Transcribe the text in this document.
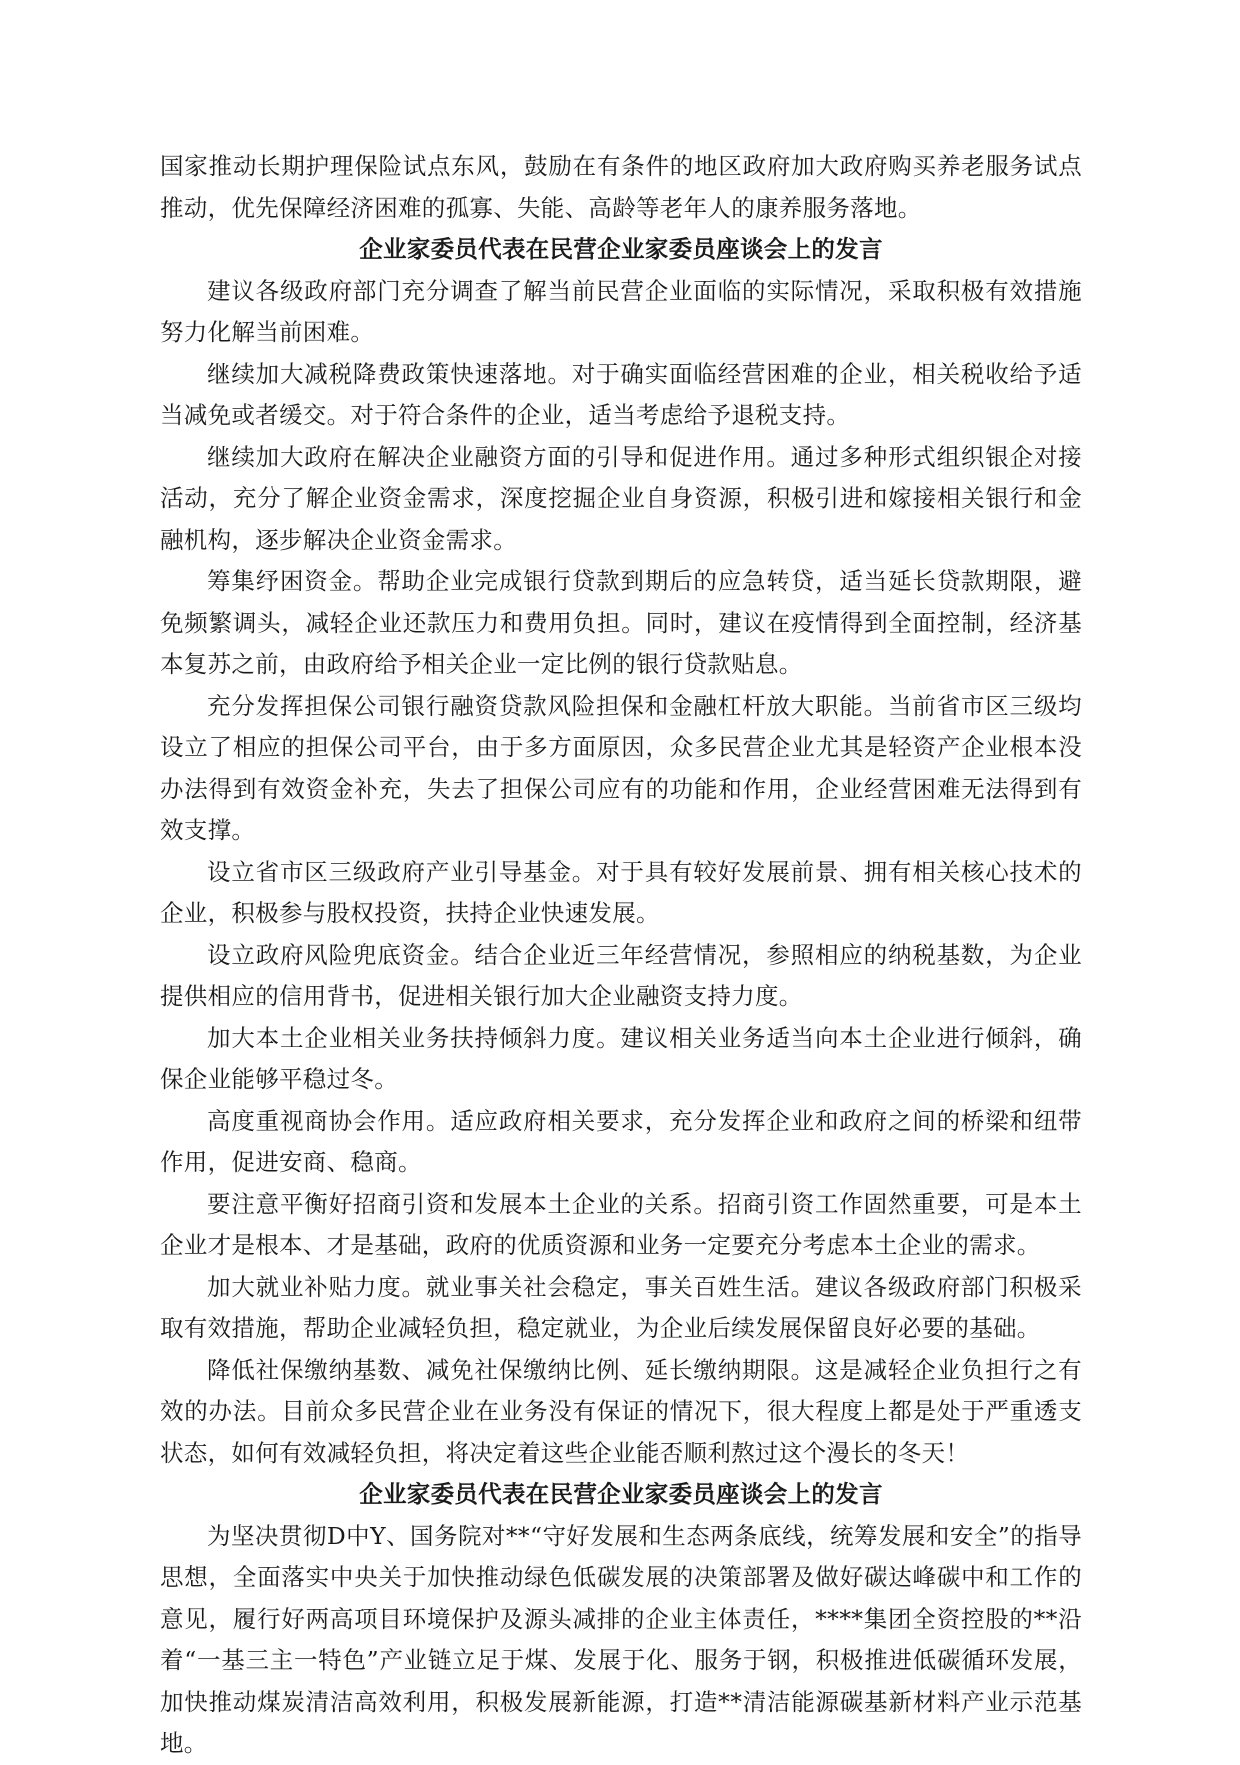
国家推动长期护理保险试点东风，鼓励在有条件的地区政府加大政府购买养老服务试点推动，优先保障经济困难的孤寡、失能、高龄等老年人的康养服务落地。

企业家委员代表在民营企业家委员座谈会上的发言

建议各级政府部门充分调查了解当前民营企业面临的实际情况，采取积极有效措施努力化解当前困难。

继续加大减税降费政策快速落地。对于确实面临经营困难的企业，相关税收给予适当减免或者缓交。对于符合条件的企业，适当考虑给予退税支持。

继续加大政府在解决企业融资方面的引导和促进作用。通过多种形式组织银企对接活动，充分了解企业资金需求，深度挖掘企业自身资源，积极引进和嫁接相关银行和金融机构，逐步解决企业资金需求。

筹集纾困资金。帮助企业完成银行贷款到期后的应急转贷，适当延长贷款期限，避免频繁调头，减轻企业还款压力和费用负担。同时，建议在疫情得到全面控制，经济基本复苏之前，由政府给予相关企业一定比例的银行贷款贴息。

充分发挥担保公司银行融资贷款风险担保和金融杠杆放大职能。当前省市区三级均设立了相应的担保公司平台，由于多方面原因，众多民营企业尤其是轻资产企业根本没办法得到有效资金补充，失去了担保公司应有的功能和作用，企业经营困难无法得到有效支撑。

设立省市区三级政府产业引导基金。对于具有较好发展前景、拥有相关核心技术的企业，积极参与股权投资，扶持企业快速发展。

设立政府风险兜底资金。结合企业近三年经营情况，参照相应的纳税基数，为企业提供相应的信用背书，促进相关银行加大企业融资支持力度。

加大本土企业相关业务扶持倾斜力度。建议相关业务适当向本土企业进行倾斜，确保企业能够平稳过冬。

高度重视商协会作用。适应政府相关要求，充分发挥企业和政府之间的桥梁和纽带作用，促进安商、稳商。

要注意平衡好招商引资和发展本土企业的关系。招商引资工作固然重要，可是本土企业才是根本、才是基础，政府的优质资源和业务一定要充分考虑本土企业的需求。

加大就业补贴力度。就业事关社会稳定，事关百姓生活。建议各级政府部门积极采取有效措施，帮助企业减轻负担，稳定就业，为企业后续发展保留良好必要的基础。

降低社保缴纳基数、减免社保缴纳比例、延长缴纳期限。这是减轻企业负担行之有效的办法。目前众多民营企业在业务没有保证的情况下，很大程度上都是处于严重透支状态，如何有效减轻负担，将决定着这些企业能否顺利熬过这个漫长的冬天！

企业家委员代表在民营企业家委员座谈会上的发言

为坚决贯彻D中Y、国务院对**“守好发展和生态两条底线，统筹发展和安全”的指导思想，全面落实中央关于加快推动绿色低碳发展的决策部署及做好碳达峰碳中和工作的意见，履行好两高项目环境保护及源头减排的企业主体责任，****集团全资控股的**沿着“一基三主一特色”产业链立足于煤、发展于化、服务于钢，积极推进低碳循环发展，加快推动煤炭清洁高效利用，积极发展新能源，打造**清洁能源碳基新材料产业示范基地。
